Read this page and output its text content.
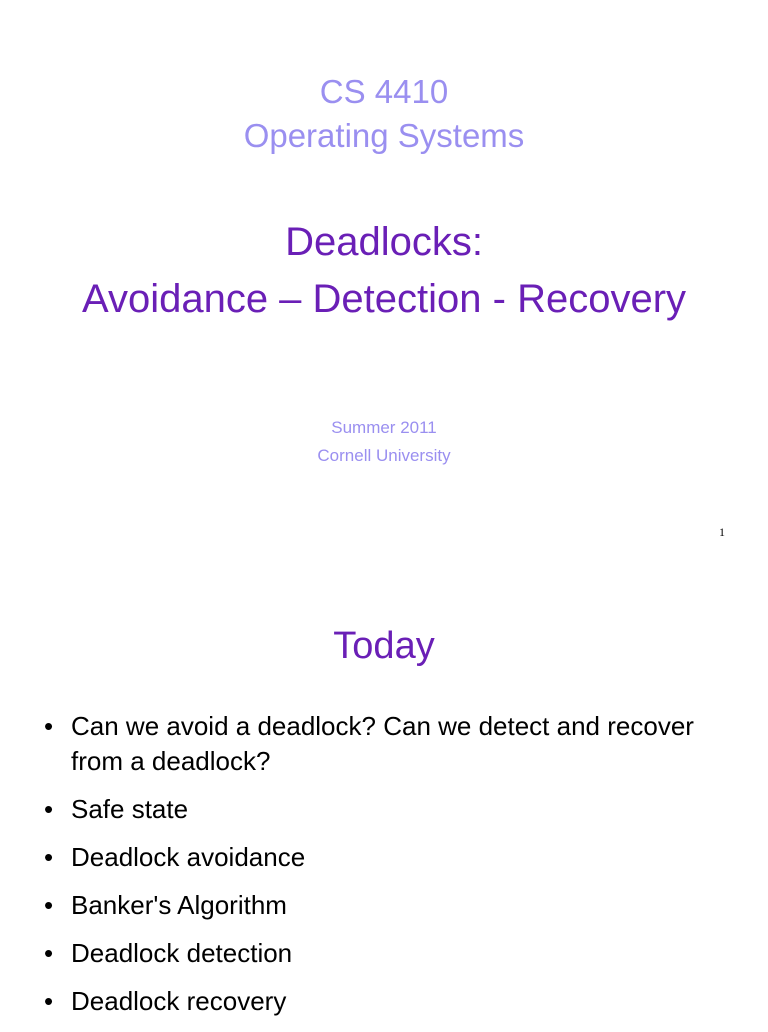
CS 4410
Operating Systems
Deadlocks:
Avoidance – Detection - Recovery
Summer 2011
Cornell University
1
Today
• Can we avoid a deadlock? Can we detect and recover from a deadlock?
• Safe state
• Deadlock avoidance
• Banker's Algorithm
• Deadlock detection
• Deadlock recovery
